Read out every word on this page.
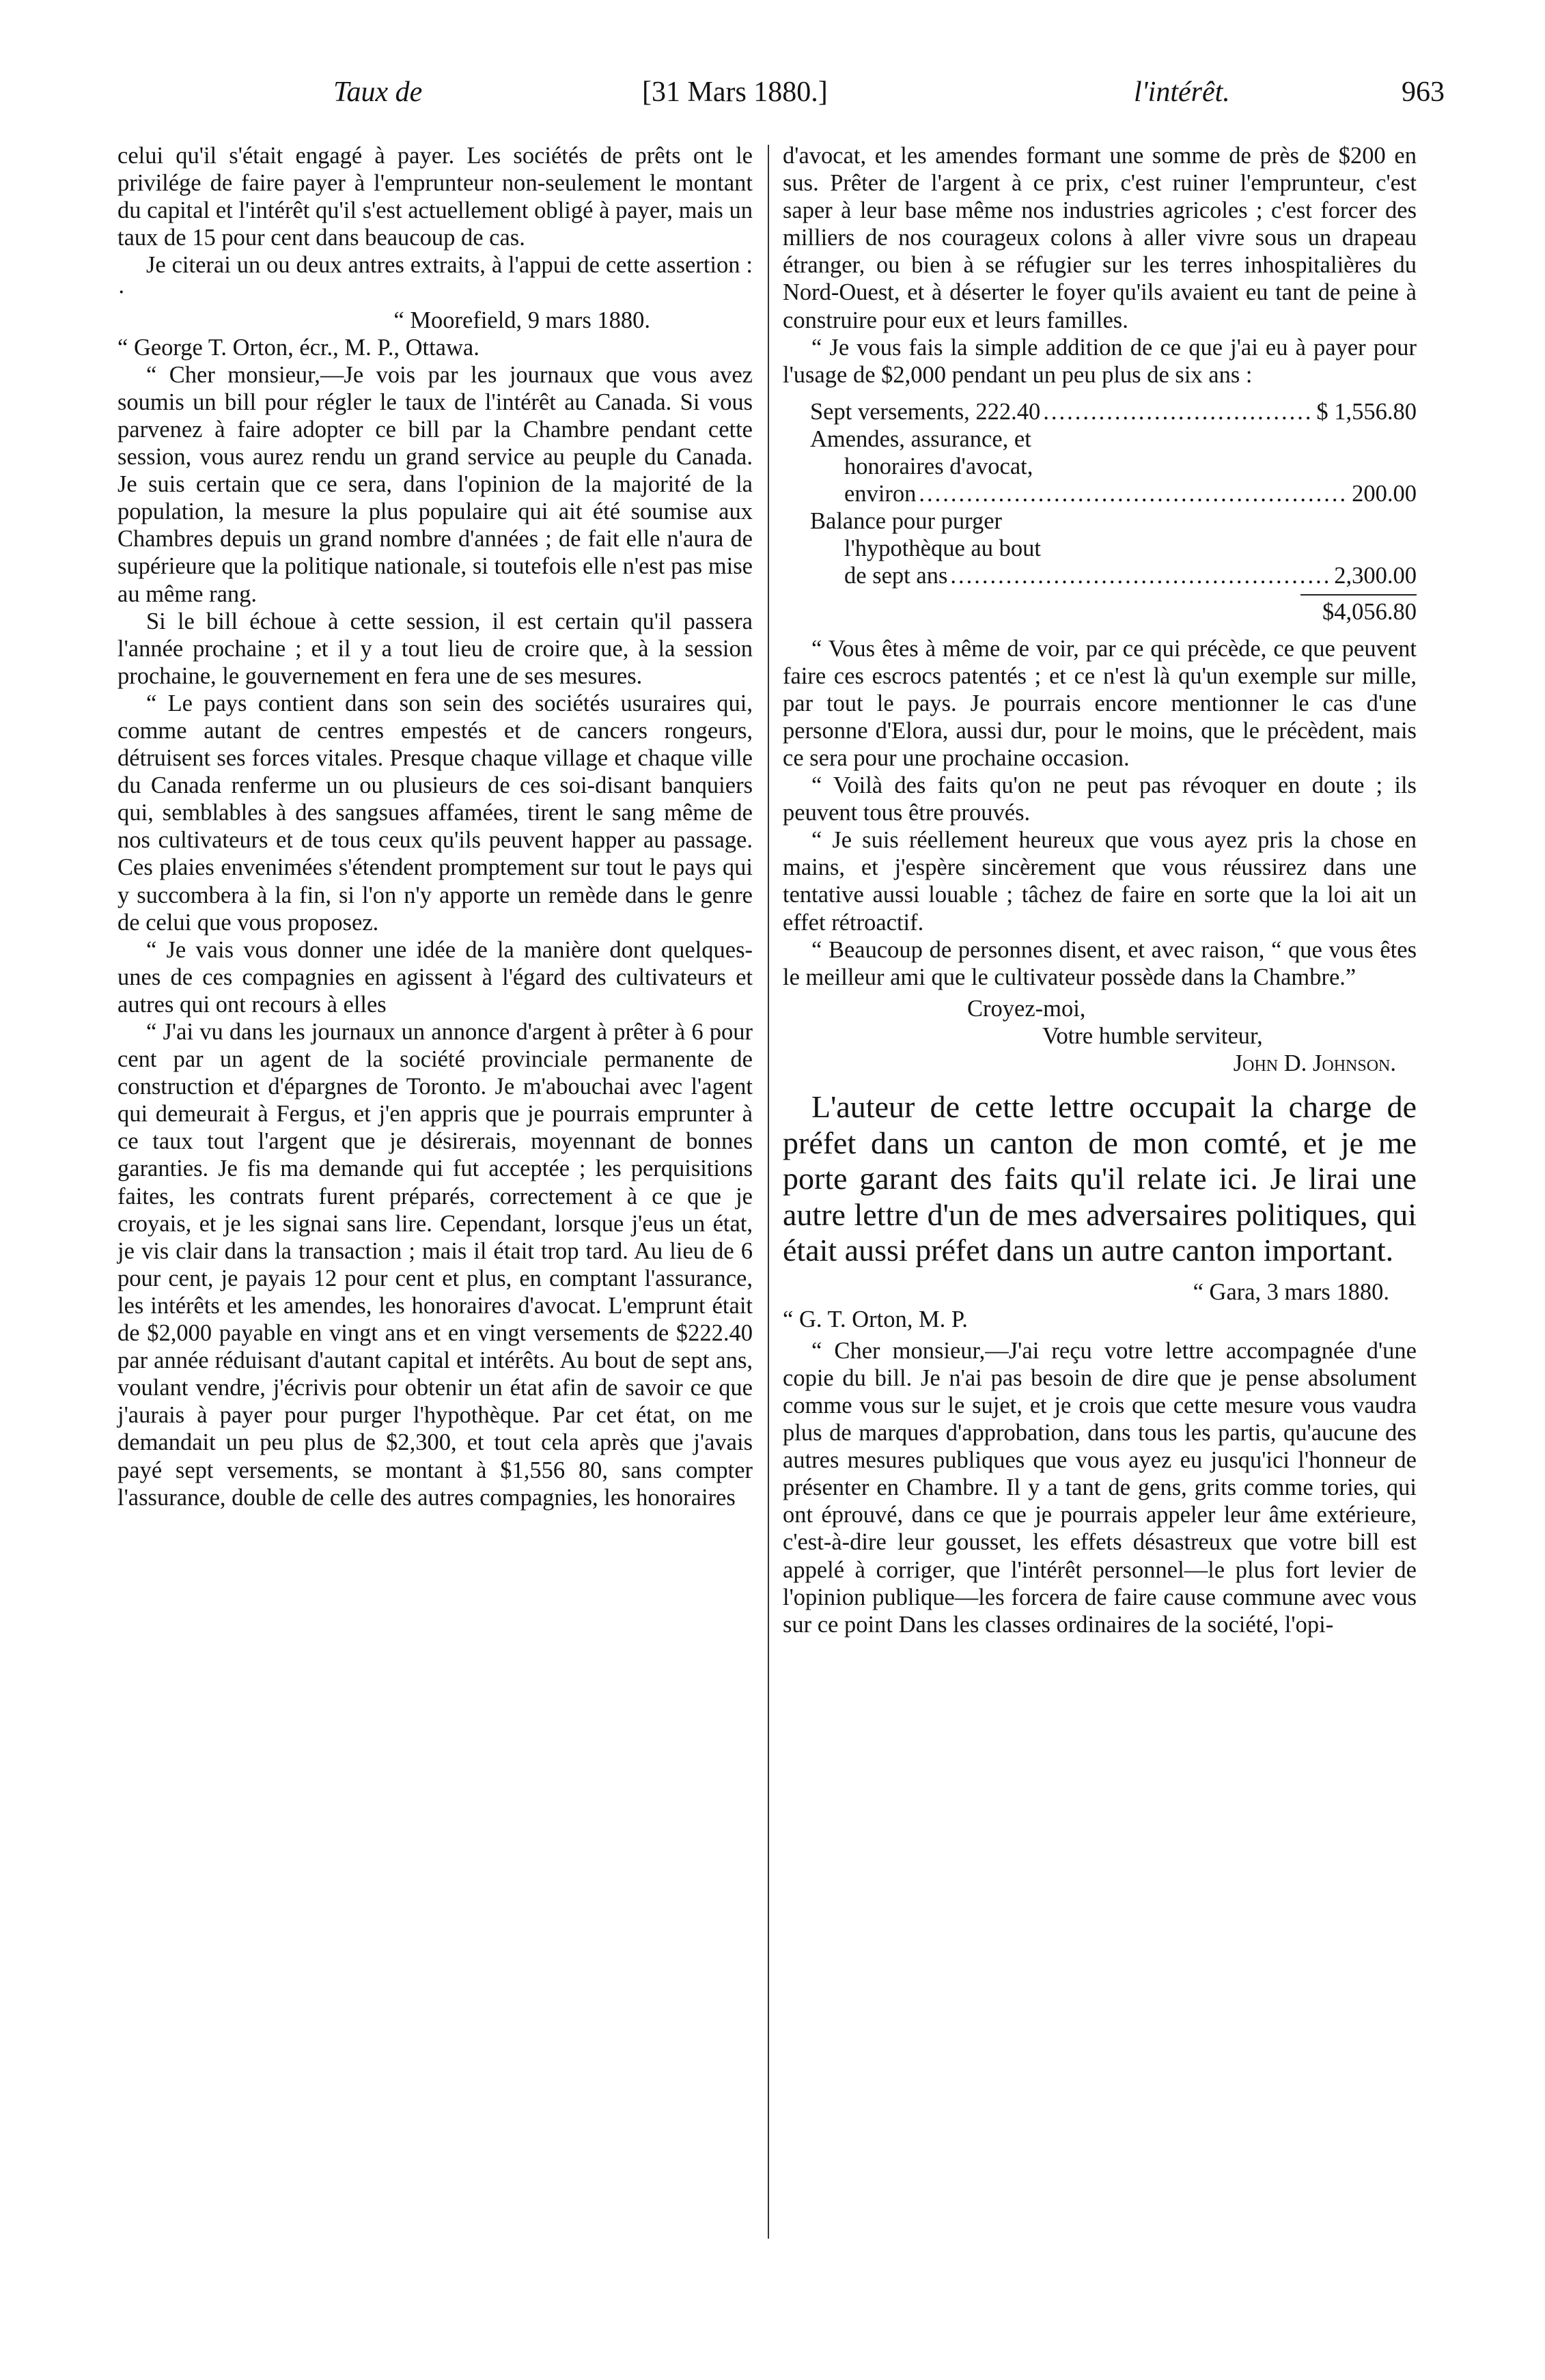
Taux de	[31 Mars 1880.]	l'intérêt.	963

celui qu'il s'était engagé à payer. Les sociétés de prêts ont le privilége de faire payer à l'emprunteur non-seulement le montant du capital et l'intérêt qu'il s'est actuellement obligé à payer, mais un taux de 15 pour cent dans beaucoup de cas.

Je citerai un ou deux antres extraits, à l'appui de cette assertion : ·

“ Moorefield, 9 mars 1880.

“ George T. Orton, écr., M. P., Ottawa.

“ Cher monsieur,—Je vois par les journaux que vous avez soumis un bill pour régler le taux de l'intérêt au Canada. Si vous parvenez à faire adopter ce bill par la Chambre pendant cette session, vous aurez rendu un grand service au peuple du Canada. Je suis certain que ce sera, dans l'opinion de la majorité de la population, la mesure la plus populaire qui ait été soumise aux Chambres depuis un grand nombre d'années ; de fait elle n'aura de supérieure que la politique nationale, si toutefois elle n'est pas mise au même rang.

Si le bill échoue à cette session, il est certain qu'il passera l'année prochaine ; et il y a tout lieu de croire que, à la session prochaine, le gouvernement en fera une de ses mesures.

“ Le pays contient dans son sein des sociétés usuraires qui, comme autant de centres empestés et de cancers rongeurs, détruisent ses forces vitales. Presque chaque village et chaque ville du Canada renferme un ou plusieurs de ces soi-disant banquiers qui, semblables à des sangsues affamées, tirent le sang même de nos cultivateurs et de tous ceux qu'ils peuvent happer au passage. Ces plaies envenimées s'étendent promptement sur tout le pays qui y succombera à la fin, si l'on n'y apporte un remède dans le genre de celui que vous proposez.

“ Je vais vous donner une idée de la manière dont quelques-unes de ces compagnies en agissent à l'égard des cultivateurs et autres qui ont recours à elles

“ J'ai vu dans les journaux un annonce d'argent à prêter à 6 pour cent par un agent de la société provinciale permanente de construction et d'épargnes de Toronto. Je m'abouchai avec l'agent qui demeurait à Fergus, et j'en appris que je pourrais emprunter à ce taux tout l'argent que je désirerais, moyennant de bonnes garanties. Je fis ma demande qui fut acceptée ; les perquisitions faites, les contrats furent préparés, correctement à ce que je croyais, et je les signai sans lire. Cependant, lorsque j'eus un état, je vis clair dans la transaction ; mais il était trop tard. Au lieu de 6 pour cent, je payais 12 pour cent et plus, en comptant l'assurance, les intérêts et les amendes, les honoraires d'avocat. L'emprunt était de $2,000 payable en vingt ans et en vingt versements de $222.40 par année réduisant d'autant capital et intérêts. Au bout de sept ans, voulant vendre, j'écrivis pour obtenir un état afin de savoir ce que j'aurais à payer pour purger l'hypothèque. Par cet état, on me demandait un peu plus de $2,300, et tout cela après que j'avais payé sept versements, se montant à $1,556 80, sans compter l'assurance, double de celle des autres compagnies, les honoraires

d'avocat, et les amendes formant une somme de près de $200 en sus. Prêter de l'argent à ce prix, c'est ruiner l'emprunteur, c'est saper à leur base même nos industries agricoles ; c'est forcer des milliers de nos courageux colons à aller vivre sous un drapeau étranger, ou bien à se réfugier sur les terres inhospitalières du Nord-Ouest, et à déserter le foyer qu'ils avaient eu tant de peine à construire pour eux et leurs familles.

“ Je vous fais la simple addition de ce que j'ai eu à payer pour l'usage de $2,000 pendant un peu plus de six ans :

Sept versements, 222.40 .....	$ 1,556.80
Amendes, assurance, et
honoraires d'avocat,
environ .....	200.00
Balance pour purger
l'hypothèque au bout
de sept ans .....	2,300.00
$4,056.80

“ Vous êtes à même de voir, par ce qui précède, ce que peuvent faire ces escrocs patentés ; et ce n'est là qu'un exemple sur mille, par tout le pays. Je pourrais encore mentionner le cas d'une personne d'Elora, aussi dur, pour le moins, que le précèdent, mais ce sera pour une prochaine occasion.

“ Voilà des faits qu'on ne peut pas révoquer en doute ; ils peuvent tous être prouvés.

“ Je suis réellement heureux que vous ayez pris la chose en mains, et j'espère sincèrement que vous réussirez dans une tentative aussi louable ; tâchez de faire en sorte que la loi ait un effet rétroactif.

“ Beaucoup de personnes disent, et avec raison, “ que vous êtes le meilleur ami que le cultivateur possède dans la Chambre.”

Croyez-moi,

Votre humble serviteur,

John D. Johnson.

L'auteur de cette lettre occupait la charge de préfet dans un canton de mon comté, et je me porte garant des faits qu'il relate ici. Je lirai une autre lettre d'un de mes adversaires politiques, qui était aussi préfet dans un autre canton important.

“ Gara, 3 mars 1880.

“ G. T. Orton, M. P.

“ Cher monsieur,—J'ai reçu votre lettre accompagnée d'une copie du bill. Je n'ai pas besoin de dire que je pense absolument comme vous sur le sujet, et je crois que cette mesure vous vaudra plus de marques d'approbation, dans tous les partis, qu'aucune des autres mesures publiques que vous ayez eu jusqu'ici l'honneur de présenter en Chambre. Il y a tant de gens, grits comme tories, qui ont éprouvé, dans ce que je pourrais appeler leur âme extérieure, c'est-à-dire leur gousset, les effets désastreux que votre bill est appelé à corriger, que l'intérêt personnel—le plus fort levier de l'opinion publique—les forcera de faire cause commune avec vous sur ce point Dans les classes ordinaires de la société, l'opi-
